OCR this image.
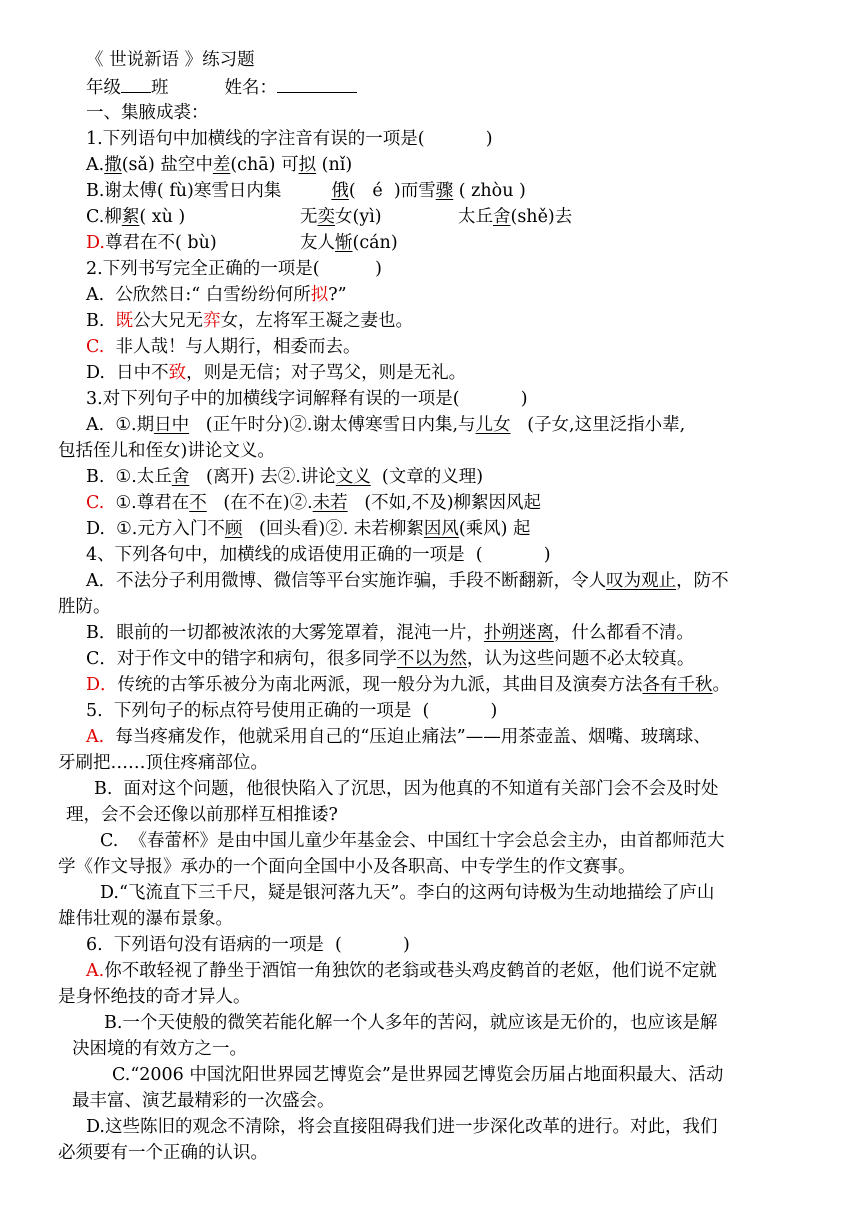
《 世说新语 》练习题
年级 班	姓名：
一、集腋成裘：
1.下列语句中加横线的字注音有误的一项是(           )
A.撒(sǎ) 盐空中差(chā) 可拟 (nǐ)
B.谢太傅( fù)寒雪日内集	俄(   é  )而雪骤 ( zhòu )
C.柳絮( xù )	无奕女(yì)	太丘舍(shě)去
D.尊君在不( bù)	友人惭(cán)
2.下列书写完全正确的一项是(          )
A.  公欣然日:“ 白雪纷纷何所拟?”
B.  既公大兄无弈女，左将军王凝之妻也。
C.  非人哉！与人期行，相委而去。
D.  日中不致，则是无信；对子骂父，则是无礼。
3.对下列句子中的加横线字词解释有误的一项是(           )
A.  ①.期日中   (正午时分)②.谢太傅寒雪日内集,与儿女   (子女,这里泛指小辈,
包括侄儿和侄女)讲论文义。
B.  ①.太丘舍   (离开) 去②.讲论文义  (文章的义理)
C.  ①.尊君在不   (在不在)②.未若   (不如,不及)柳絮因风起
D.  ①.元方入门不顾   (回头看)②. 未若柳絮因风(乘风) 起
4、下列各句中，加横线的成语使用正确的一项是  (           )
A．不法分子利用微博、微信等平台实施诈骗，手段不断翻新，令人叹为观止，防不
胜防。
B．眼前的一切都被浓浓的大雾笼罩着，混沌一片，扑朔迷离，什么都看不清。
C．对于作文中的错字和病句，很多同学不以为然，认为这些问题不必太较真。
D．传统的古筝乐被分为南北两派，现一般分为九派，其曲目及演奏方法各有千秋。
5.  下列句子的标点符号使用正确的一项是  (           )
A.  每当疼痛发作，他就采用自己的“压迫止痛法”——用茶壶盖、烟嘴、玻璃球、
牙刷把……顶住疼痛部位。
B.  面对这个问题，他很快陷入了沉思，因为他真的不知道有关部门会不会及时处
理，会不会还像以前那样互相推诿?
C.  《春蕾杯》是由中国儿童少年基金会、中国红十字会总会主办，由首都师范大
学《作文导报》承办的一个面向全国中小及各职高、中专学生的作文赛事。
D.“飞流直下三千尺，疑是银河落九天”。李白的这两句诗极为生动地描绘了庐山
雄伟壮观的瀑布景象。
6.  下列语句没有语病的一项是  (           )
A.你不敢轻视了静坐于酒馆一角独饮的老翁或巷头鸡皮鹤首的老妪，他们说不定就
是身怀绝技的奇才异人。
B.一个天使般的微笑若能化解一个人多年的苦闷，就应该是无价的，也应该是解
决困境的有效方之一。
C.“2006 中国沈阳世界园艺博览会”是世界园艺博览会历届占地面积最大、活动
最丰富、演艺最精彩的一次盛会。
D.这些陈旧的观念不清除，将会直接阻碍我们进一步深化改革的进行。对此，我们
必须要有一个正确的认识。
